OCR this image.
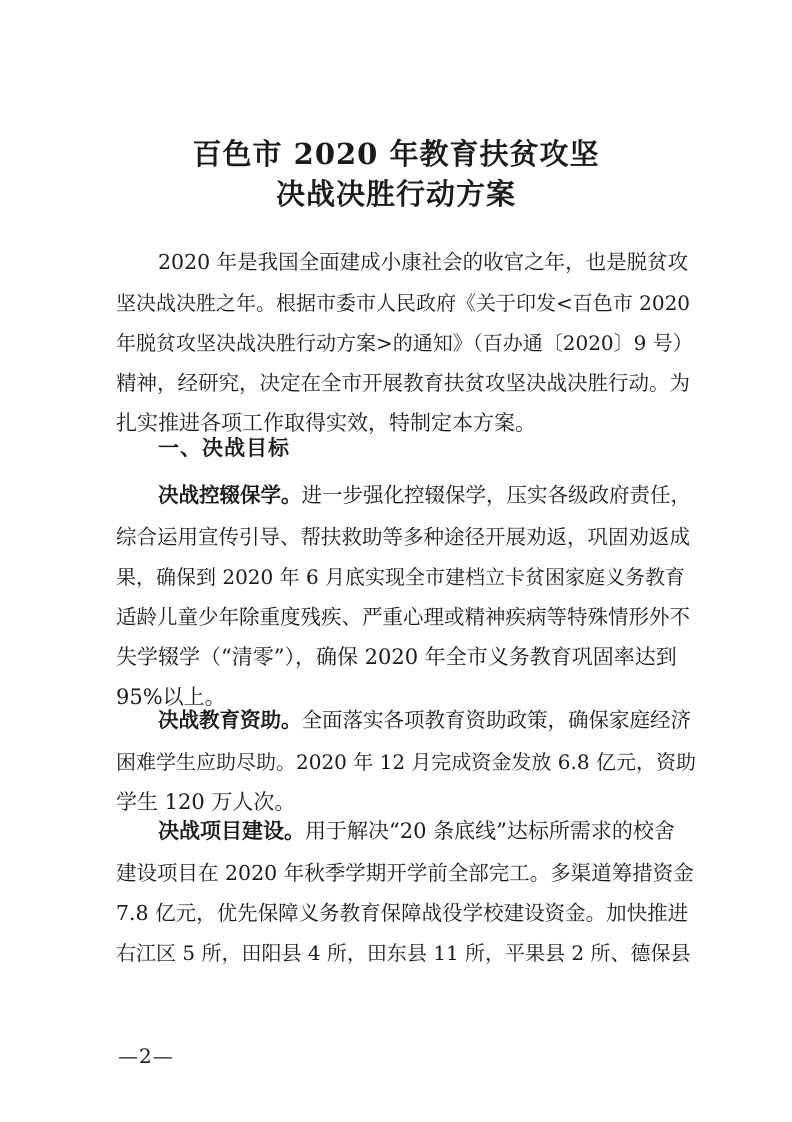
百色市 2020 年教育扶贫攻坚
决战决胜行动方案
2020 年是我国全面建成小康社会的收官之年，也是脱贫攻
坚决战决胜之年。根据市委市人民政府《关于印发<百色市 2020
年脱贫攻坚决战决胜行动方案>的通知》（百办通〔2020〕9 号）
精神，经研究，决定在全市开展教育扶贫攻坚决战决胜行动。为
扎实推进各项工作取得实效，特制定本方案。
一、决战目标
决战控辍保学。 进一步强化控辍保学，压实各级政府责任，
综合运用宣传引导、帮扶救助等多种途径开展劝返，巩固劝返成
果，确保到 2020 年 6 月底实现全市建档立卡贫困家庭义务教育
适龄儿童少年除重度残疾、严重心理或精神疾病等特殊情形外不
失学辍学（“清零”），确保 2020 年全市义务教育巩固率达到
95%以上。
决战教育资助。 全面落实各项教育资助政策，确保家庭经济
困难学生应助尽助。2020 年 12 月完成资金发放 6.8 亿元，资助
学生 120 万人次。
决战项目建设。 用于解决“20 条底线”达标所需求的校舍
建设项目在 2020 年秋季学期开学前全部完工。多渠道筹措资金
7.8 亿元，优先保障义务教育保障战役学校建设资金。加快推进
右江区 5 所，田阳县 4 所，田东县 11 所，平果县 2 所、德保县
—2—
